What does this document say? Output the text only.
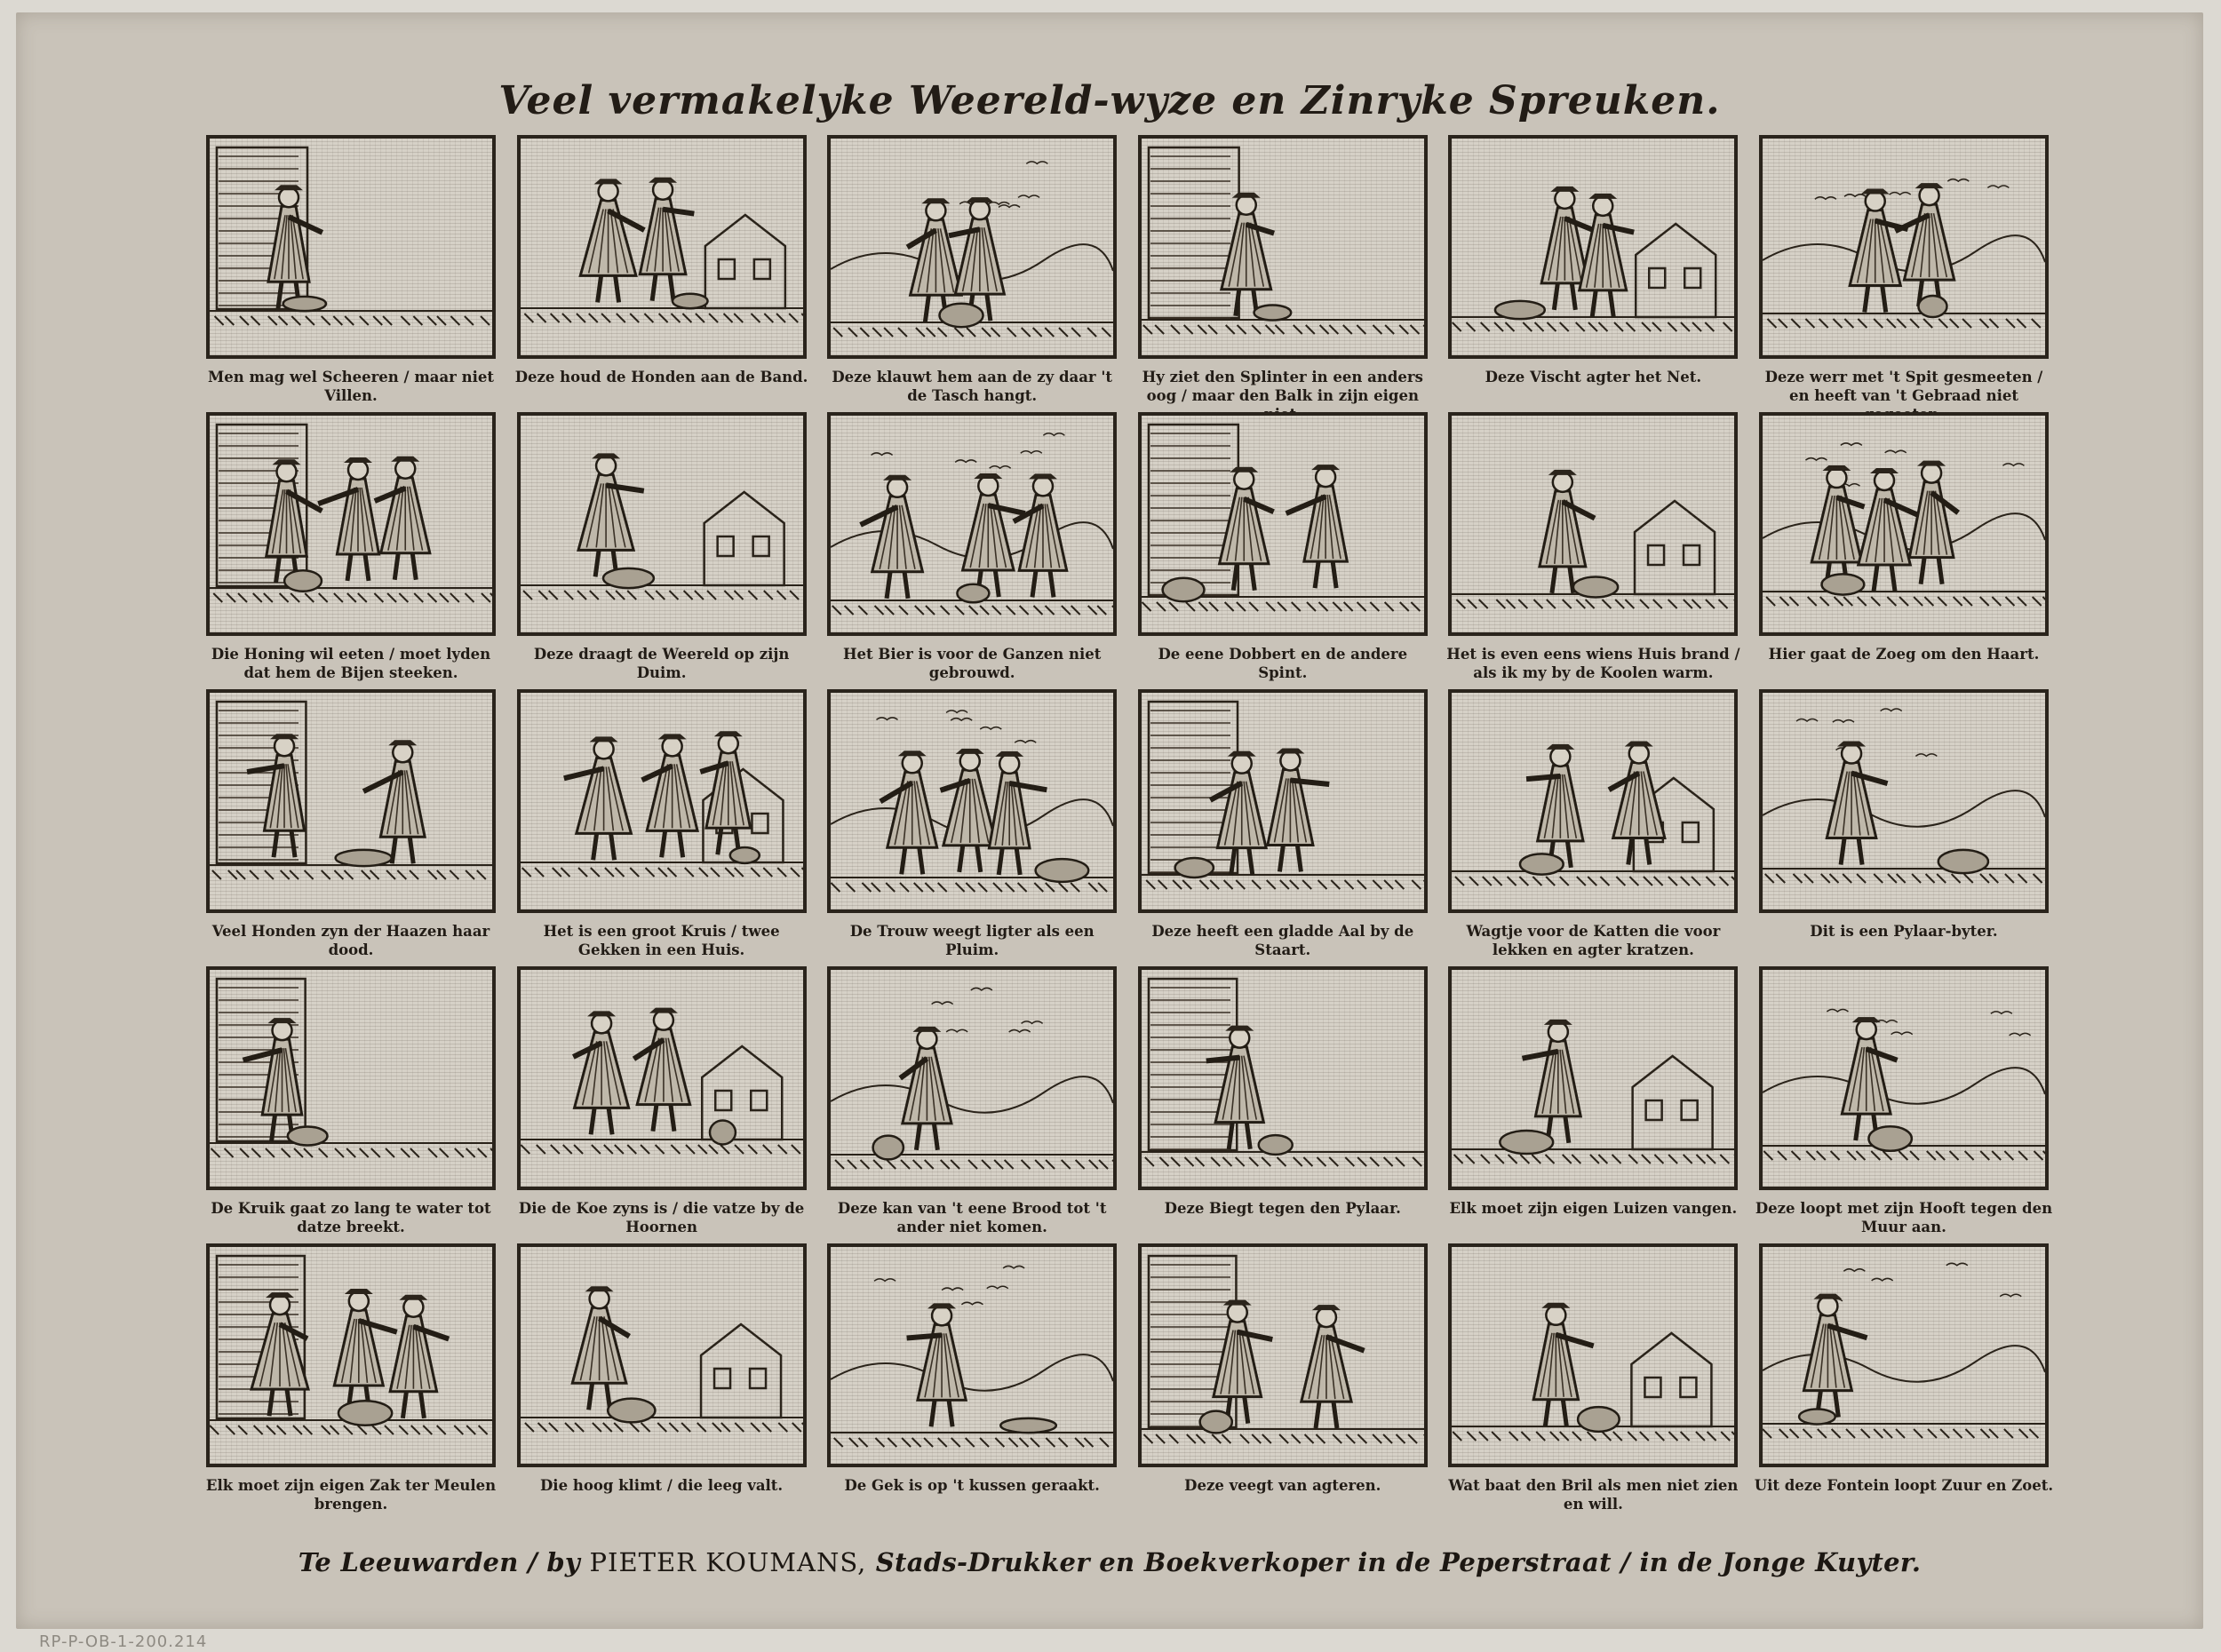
Veel vermakelyke Weereld-wyze en Zinryke Spreuken.
Men mag wel Scheeren / maar niet Villen.
Deze houd de Honden aan de Band.	Deze klauwt hem aan de zy daar 't de Tasch hangt.
Hy ziet den Splinter in een anders oog / maar den Balk in zijn eigen
Deze Vischt agter het Net.	Deze werr met 't Spit gesmeeten / en heeft van 't Gebraad niet
Die Honing wil eeten / moet lyden dat hem de Bijen steeken.
Deze draagt de Weereld op zijn Duim.
Het Bier is voor de Ganzen niet gebrouwd.
De eene Dobbert en de andere Spint.
Het is even eens wiens Huis brand / als ik my by de Koolen warm.
Hier gaat de Zoeg om den Haart.
Veel Honden zyn der Haazen haar dood.
Het is een groot Kruis / twee Gekken in een Huis.
De Trouw weegt ligter als een Pluim.
Deze heeft een gladde Aal by de Staart.
Wagtje voor de Katten die voor lekken en agter kratzen.
Dit is een Pylaar-byter.
De Kruik gaat zo lang te water tot datze breekt.
Die de Koe zyns is / die vatze by de Hoornen
Deze kan van 't eene Brood tot 't ander niet komen.
Deze Biegt tegen den Pylaar.	Elk moet zijn eigen Luizen vangen.	Deze loopt met zijn Hooft tegen den Muur aan.
Elk moet zijn eigen Zak ter Meulen brengen.
Die hoog klimt / die leeg valt.	De Gek is op 't kussen geraakt.	Deze veegt van agteren.	Wat baat den Bril als men niet zien en will.
Uit deze Fontein loopt Zuur en Zoet.
Te Leeuwarden / by PIETER KOUMANS, Stads-Drukker en Boekverkoper in de Peperstraat / in de Jonge Kuyter.
RP-P-OB-1-200.214
